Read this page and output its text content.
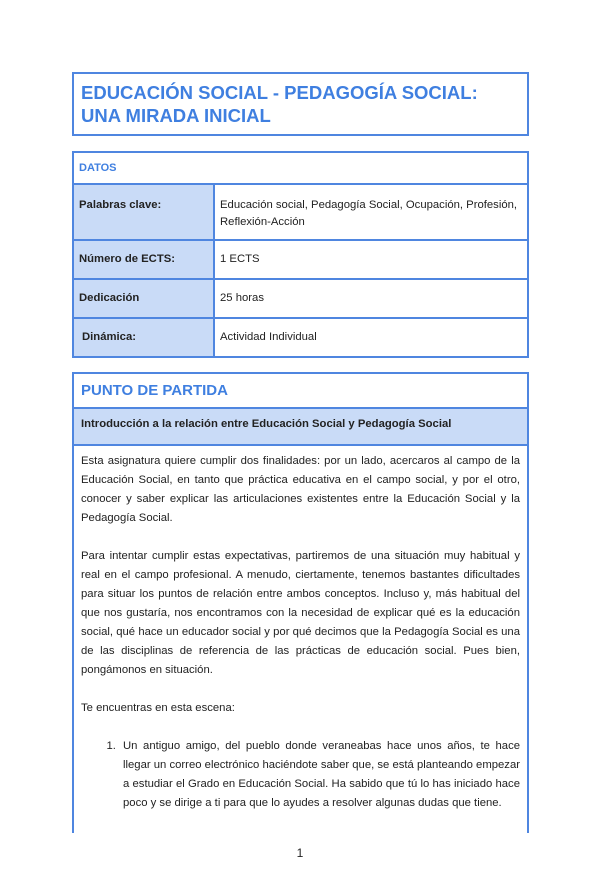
EDUCACIÓN SOCIAL - PEDAGOGÍA SOCIAL:
UNA MIRADA INICIAL
DATOS	
Palabras clave:	Educación social, Pedagogía Social, Ocupación, Profesión, Reflexión-Acción
Número de ECTS:	1 ECTS
Dedicación	25 horas
Dinámica:	Actividad Individual
PUNTO DE PARTIDA
Introducción a la relación entre Educación Social y Pedagogía Social

Esta asignatura quiere cumplir dos finalidades: por un lado, acercaros al campo de la Educación Social, en tanto que práctica educativa en el campo social, y por el otro, conocer y saber explicar las articulaciones existentes entre la Educación Social y la Pedagogía Social.

Para intentar cumplir estas expectativas, partiremos de una situación muy habitual y real en el campo profesional. A menudo, ciertamente, tenemos bastantes dificultades para situar los puntos de relación entre ambos conceptos. Incluso y, más habitual del que nos gustaría, nos encontramos con la necesidad de explicar qué es la educación social, qué hace un educador social y por qué decimos que la Pedagogía Social es una de las disciplinas de referencia de las prácticas de educación social. Pues bien, pongámonos en situación.

Te encuentras en esta escena:

1. Un antiguo amigo, del pueblo donde veraneabas hace unos años, te hace llegar un correo electrónico haciéndote saber que, se está planteando empezar a estudiar el Grado en Educación Social. Ha sabido que tú lo has iniciado hace poco y se dirige a ti para que lo ayudes a resolver algunas dudas que tiene.
1
